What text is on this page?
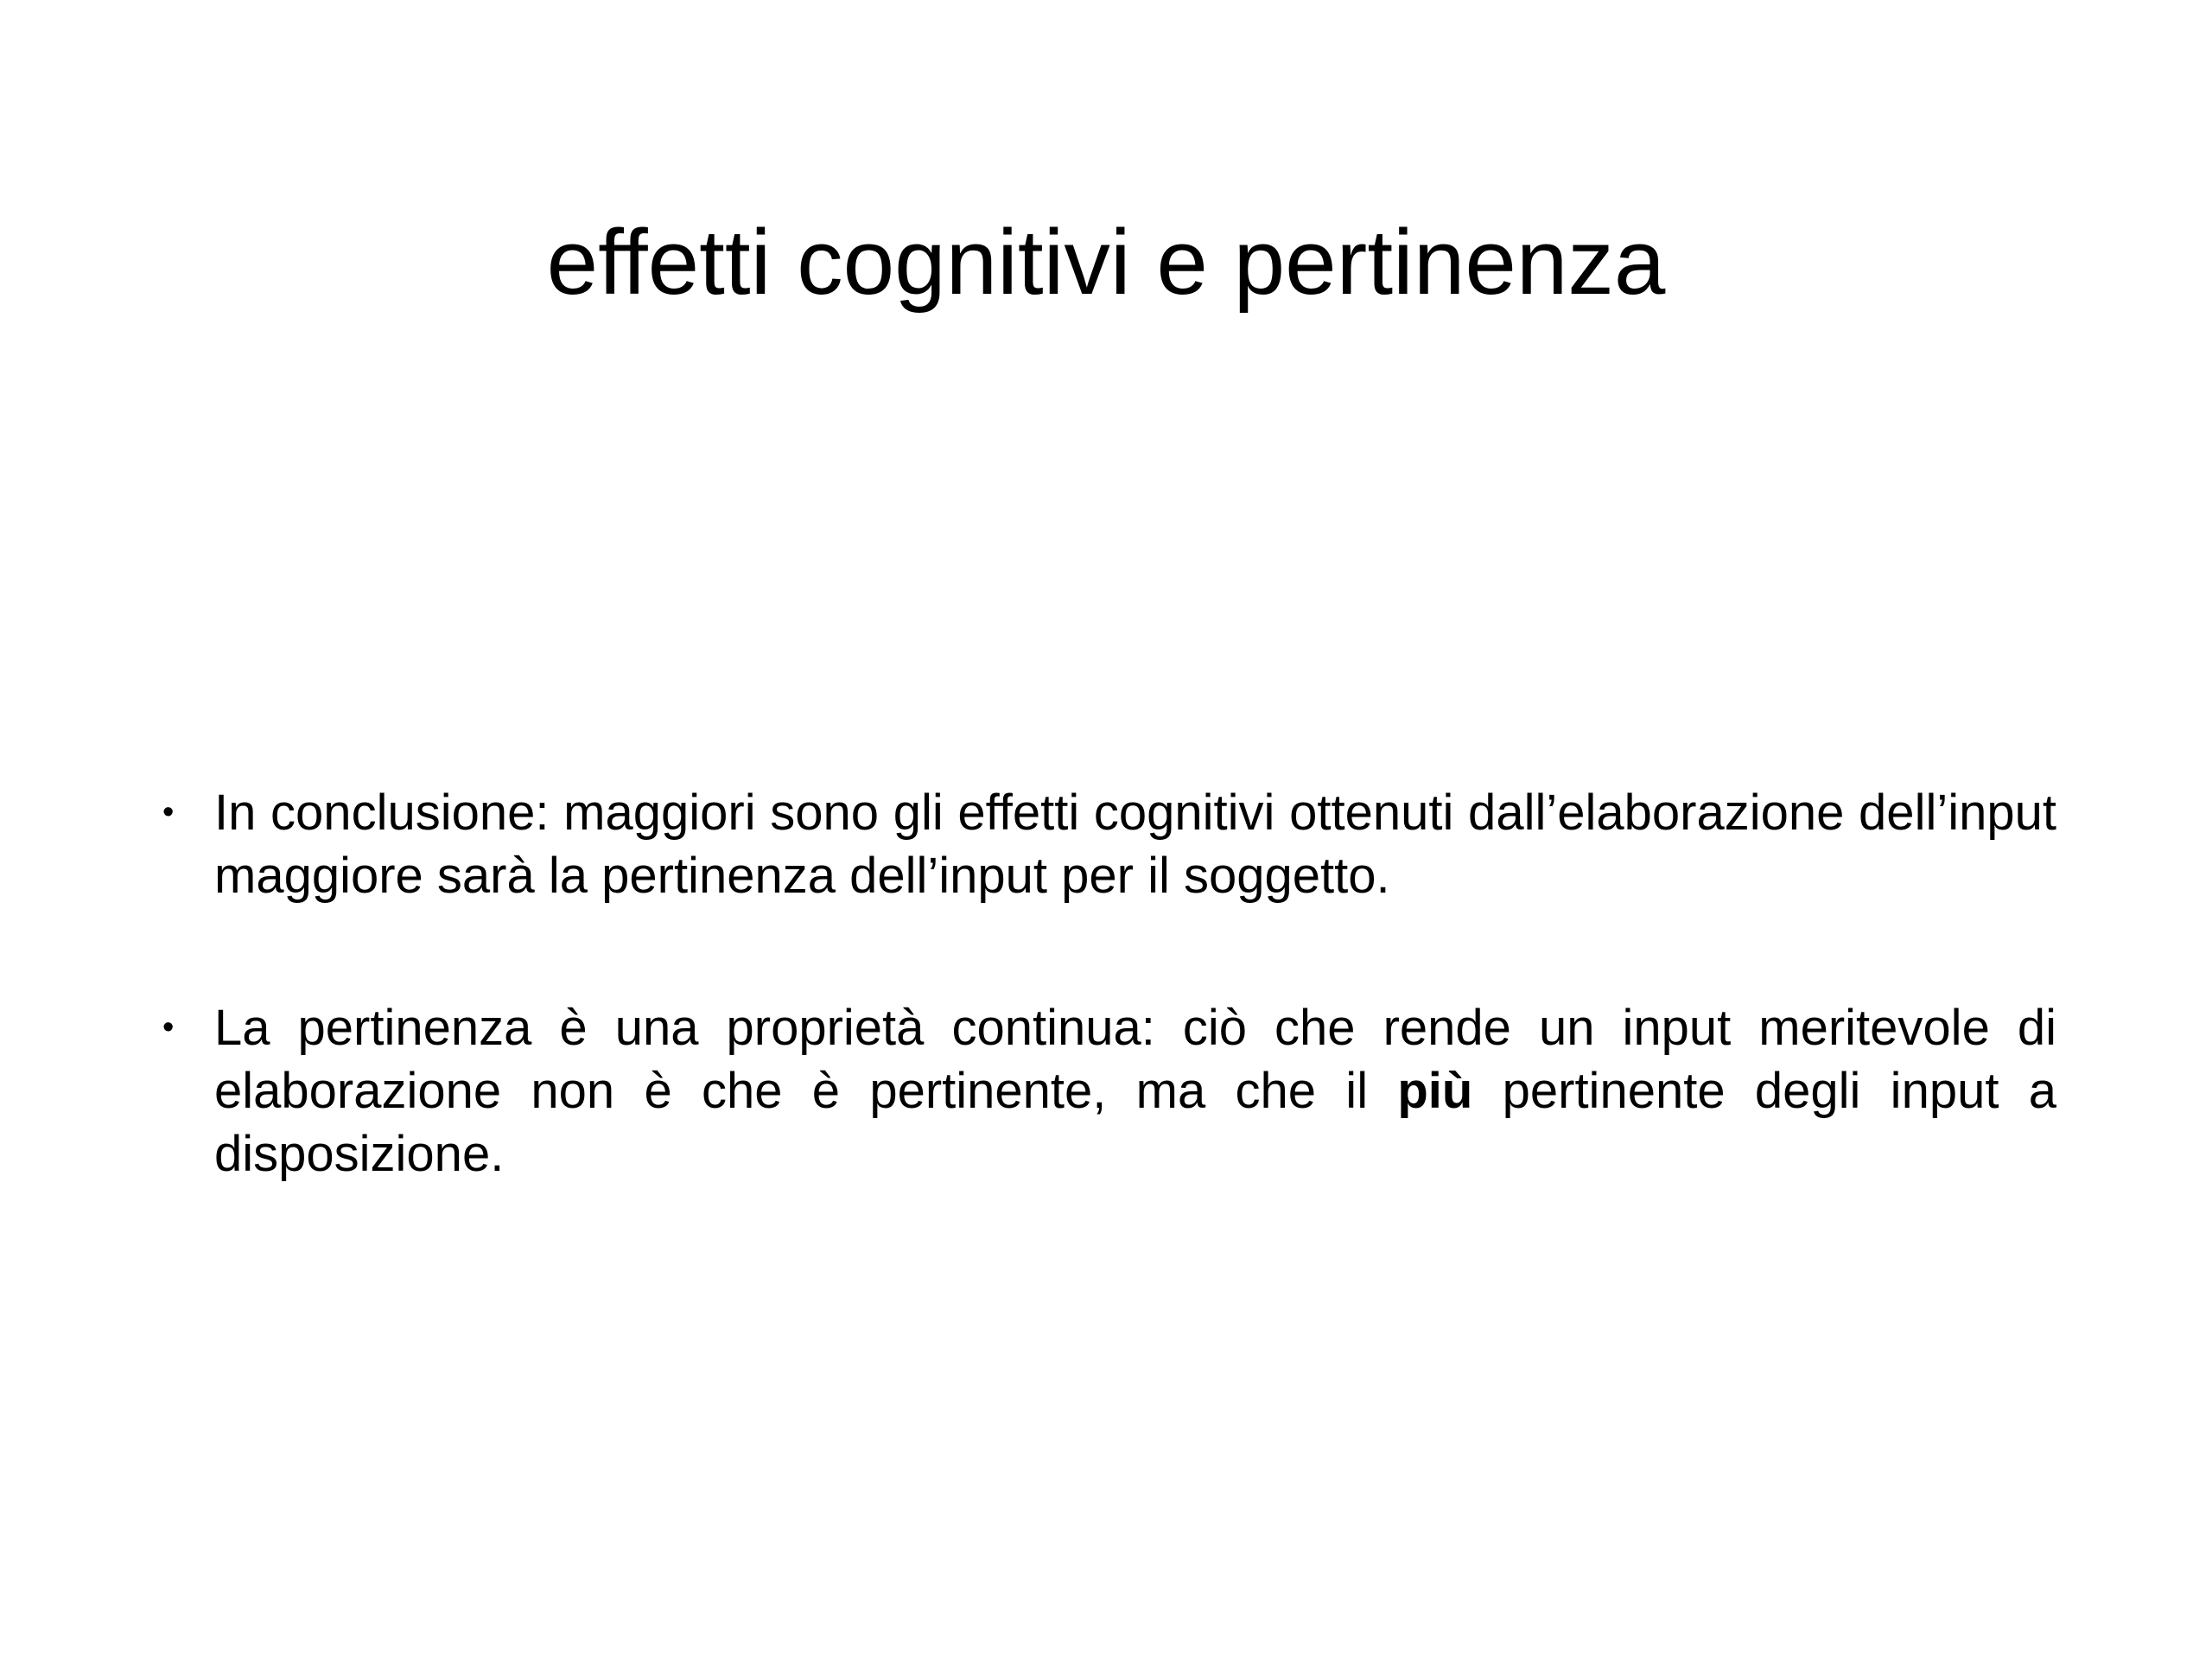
effetti cognitivi e pertinenza
• In conclusione: maggiori sono gli effetti cognitivi ottenuti dall’elaborazione dell’input maggiore sarà la pertinenza dell’input per il soggetto.
• La pertinenza è una proprietà continua: ciò che rende un input meritevole di elaborazione non è che è pertinente, ma che il più pertinente degli input a disposizione.
